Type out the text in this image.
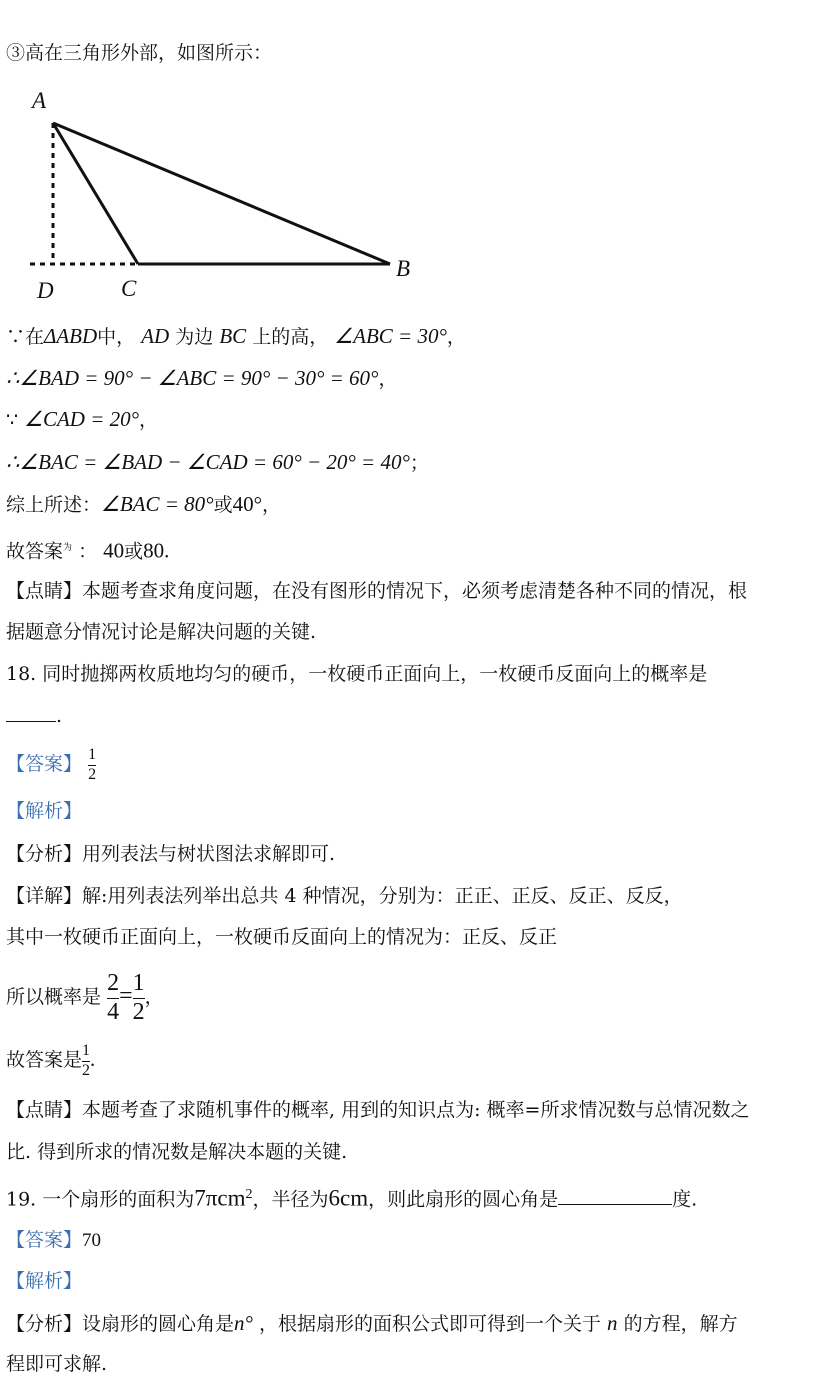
③高在三角形外部，如图所示：
A
B
C
D
∵在ΔABD中， AD 为边 BC 上的高， ∠ABC = 30°，
∴∠BAD = 90° − ∠ABC = 90° − 30° = 60°，
∵ ∠CAD = 20°，
∴∠BAC = ∠BAD − ∠CAD = 60° − 20° = 40°；
综上所述：∠BAC = 80°或40°，
故答案$^为$ ： 40或80.
【点睛】本题考查求角度问题，在没有图形的情况下，必须考虑清楚各种不同的情况，根
据题意分情况讨论是解决问题的关键.
18. 同时抛掷两枚质地均匀的硬币，一枚硬币正面向上，一枚硬币反面向上的概率是
.
【答案】 $\frac{1}{2}$
【解析】
【分析】用列表法与树状图法求解即可.
【详解】解:用列表法列举出总共 4 种情况，分别为：正正、正反、反正、反反，
其中一枚硬币正面向上，一枚硬币反面向上的情况为：正反、反正
所以概率是 $\frac{2}{4} = \frac{1}{2}$ ，
故答案是 $\frac{1}{2}$ .
【点睛】本题考查了求随机事件的概率, 用到的知识点为: 概率=所求情况数与总情况数之
比. 得到所求的情况数是解决本题的关键.
19. 一个扇形的面积为7πcm$^2$，半径为6cm，则此扇形的圆心角是	度.
【答案】70
【解析】
【分析】设扇形的圆心角是n° ，根据扇形的面积公式即可得到一个关于 n 的方程，解方
程即可求解.
